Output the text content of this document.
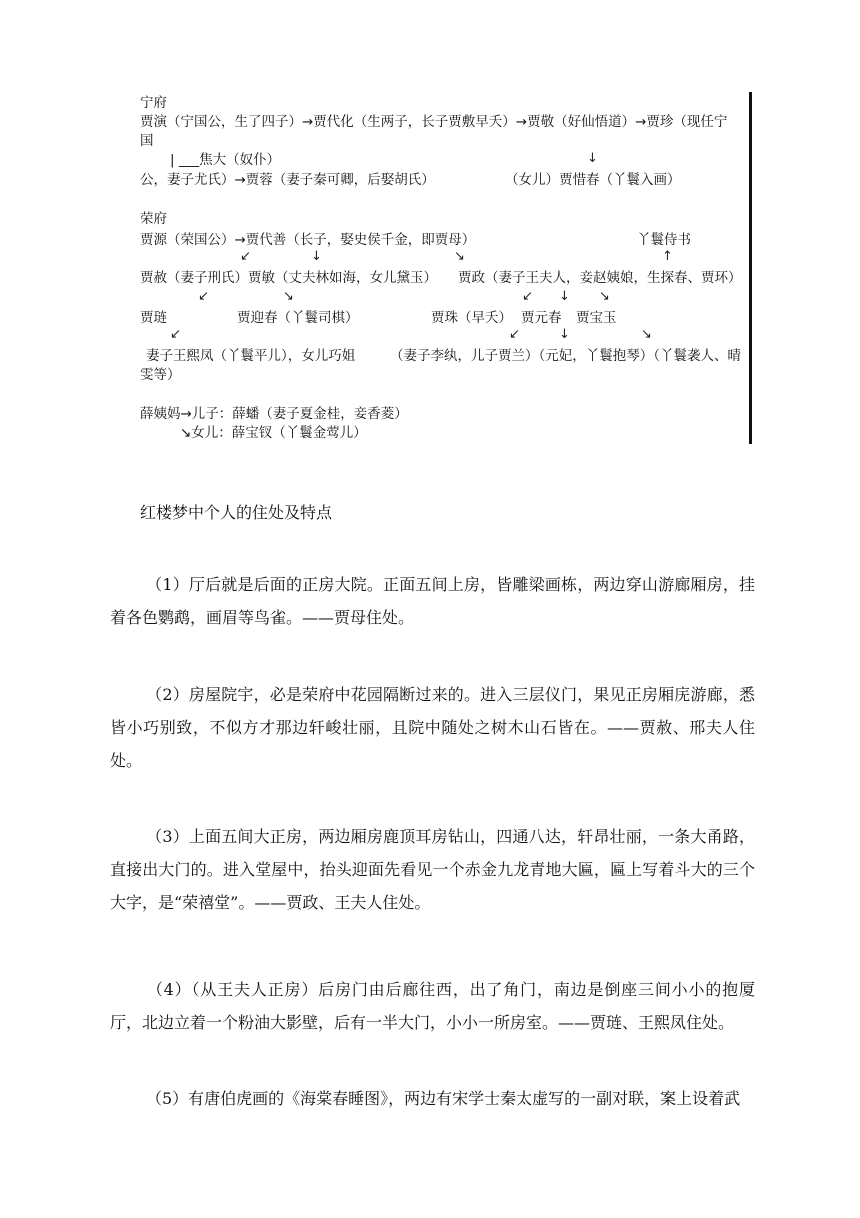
宁府
贾演（宁国公，生了四子）→贾代化（生两子，长子贾敷早夭）→贾敬（好仙悟道）→贾珍（现任宁
国
| ___焦大（奴仆）	↓
公，妻子尤氏）→贾蓉（妻子秦可卿，后娶胡氏）	（女儿）贾惜春（丫鬟入画）
荣府
贾源（荣国公）→贾代善（长子，娶史侯千金，即贾母）	丫鬟侍书
↙	↓	↘	↑
贾赦（妻子刑氏）贾敏（丈夫林如海，女儿黛玉） 贾政（妻子王夫人，妾赵姨娘，生探春、贾环）
↙	↘	↙ ↓ ↘
贾琏	贾迎春（丫鬟司棋）	贾珠（早夭） 贾元春 贾宝玉
↙	↙	↓	↘
妻子王熙凤（丫鬟平儿），女儿巧姐	（妻子李纨，儿子贾兰）（元妃，丫鬟抱琴）（丫鬟袭人、晴
雯等）
薛姨妈→儿子：薛蟠（妻子夏金桂，妾香菱）
↘女儿：薛宝钗（丫鬟金莺儿）
红楼梦中个人的住处及特点

（1）厅后就是后面的正房大院。正面五间上房，皆雕梁画栋，两边穿山游廊厢房，挂着各色鹦鹉，画眉等鸟雀。——贾母住处。

（2）房屋院宇，必是荣府中花园隔断过来的。进入三层仪门，果见正房厢庑游廊，悉皆小巧别致，不似方才那边轩峻壮丽，且院中随处之树木山石皆在。——贾赦、邢夫人住处。

（3）上面五间大正房，两边厢房鹿顶耳房钻山，四通八达，轩昂壮丽，一条大甬路，直接出大门的。进入堂屋中，抬头迎面先看见一个赤金九龙青地大匾，匾上写着斗大的三个大字，是“荣禧堂”。——贾政、王夫人住处。

（4）（从王夫人正房）后房门由后廊往西，出了角门，南边是倒座三间小小的抱厦厅，北边立着一个粉油大影壁，后有一半大门，小小一所房室。——贾琏、王熙凤住处。

（5）有唐伯虎画的《海棠春睡图》，两边有宋学士秦太虚写的一副对联，案上设着武
